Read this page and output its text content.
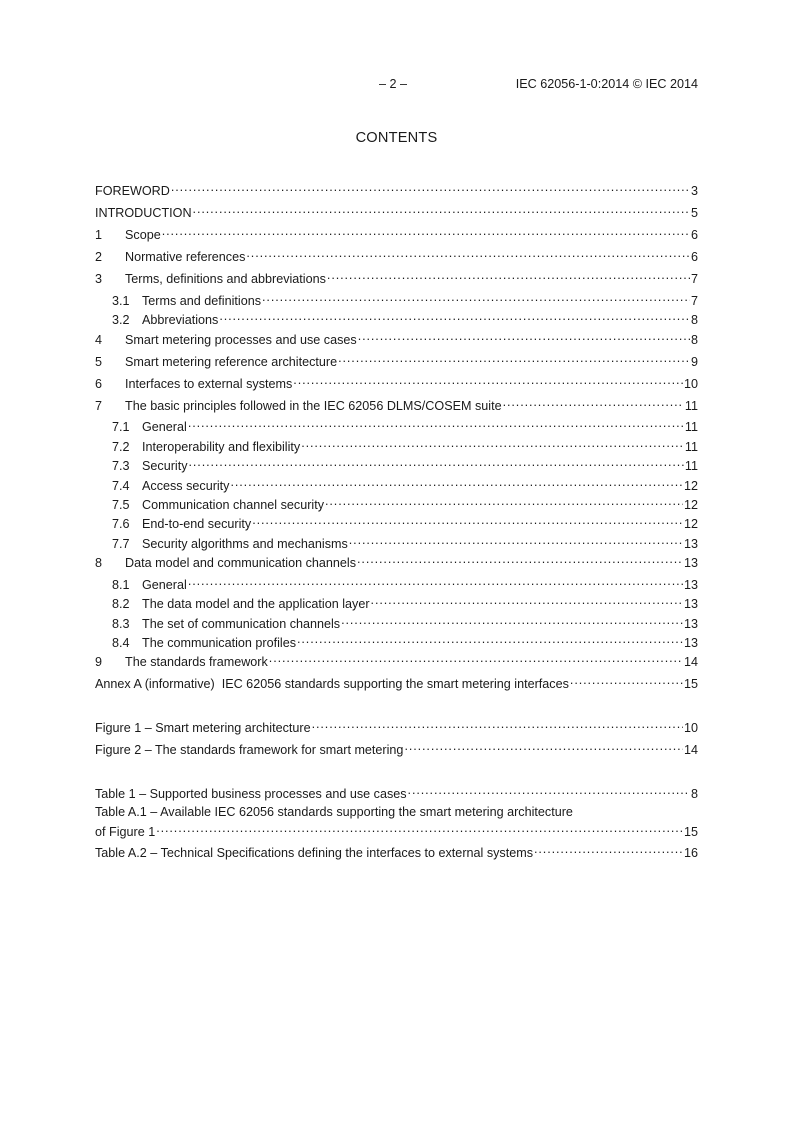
– 2 –	IEC 62056-1-0:2014 © IEC 2014
CONTENTS
FOREWORD .....	3
INTRODUCTION .....	5
1	Scope .....	6
2	Normative references .....	6
3	Terms, definitions and abbreviations .....	7
3.1 Terms and definitions .....	7
3.2 Abbreviations .....	8
4	Smart metering processes and use cases .....	8
5	Smart metering reference architecture .....	9
6	Interfaces to external systems .....	10
7	The basic principles followed in the IEC 62056 DLMS/COSEM suite .....	11
7.1 General .....	11
7.2 Interoperability and flexibility .....	11
7.3 Security .....	11
7.4 Access security .....	12
7.5 Communication channel security .....	12
7.6 End-to-end security .....	12
7.7 Security algorithms and mechanisms .....	13
8	Data model and communication channels .....	13
8.1 General .....	13
8.2 The data model and the application layer .....	13
8.3 The set of communication channels .....	13
8.4 The communication profiles .....	13
9	The standards framework .....	14
Annex A (informative)  IEC 62056 standards supporting the smart metering interfaces .....	15
Figure 1 – Smart metering architecture .....	10
Figure 2 – The standards framework for smart metering .....	14
Table 1 – Supported business processes and use cases .....	8
Table A.1 – Available IEC 62056 standards supporting the smart metering architecture
of Figure 1 .....	15
Table A.2 – Technical Specifications defining the interfaces to external systems .....	16
